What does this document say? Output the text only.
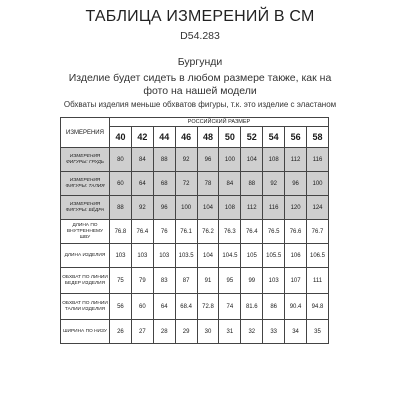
ТАБЛИЦА ИЗМЕРЕНИЙ В СМ
D54.283
Бургунди
Изделие будет сидеть в любом размере также, как на фото на нашей модели
Обхваты изделия меньше обхватов фигуры, т.к. это изделие с эластаном
ИЗМЕРЕНИЯ	РОССИЙСКИЙ РАЗМЕР									
	40	42	44	46	48	50	52	54	56	58
ИЗМЕРЕНИЯ ФИГУРЫ: ГРУДЬ	80	84	88	92	96	100	104	108	112	116
ИЗМЕРЕНИЯ ФИГУРЫ: ТАЛИЯ	60	64	68	72	78	84	88	92	96	100
ИЗМЕРЕНИЯ ФИГУРЫ: БЁДРА	88	92	96	100	104	108	112	116	120	124
ДЛИНА ПО ВНУТРЕННЕМУ ШВУ	76.8	76.4	76	76.1	76.2	76.3	76.4	76.5	76.6	76.7
ДЛИНА ИЗДЕЛИЯ	103	103	103	103.5	104	104.5	105	105.5	106	106.5
ОБХВАТ ПО ЛИНИИ БЕДЕР ИЗДЕЛИЯ	75	79	83	87	91	95	99	103	107	111
ОБХВАТ ПО ЛИНИИ ТАЛИИ ИЗДЕЛИЯ	56	60	64	68.4	72.8	74	81.6	86	90.4	94.8
ШИРИНА ПО НИЗУ	26	27	28	29	30	31	32	33	34	35
